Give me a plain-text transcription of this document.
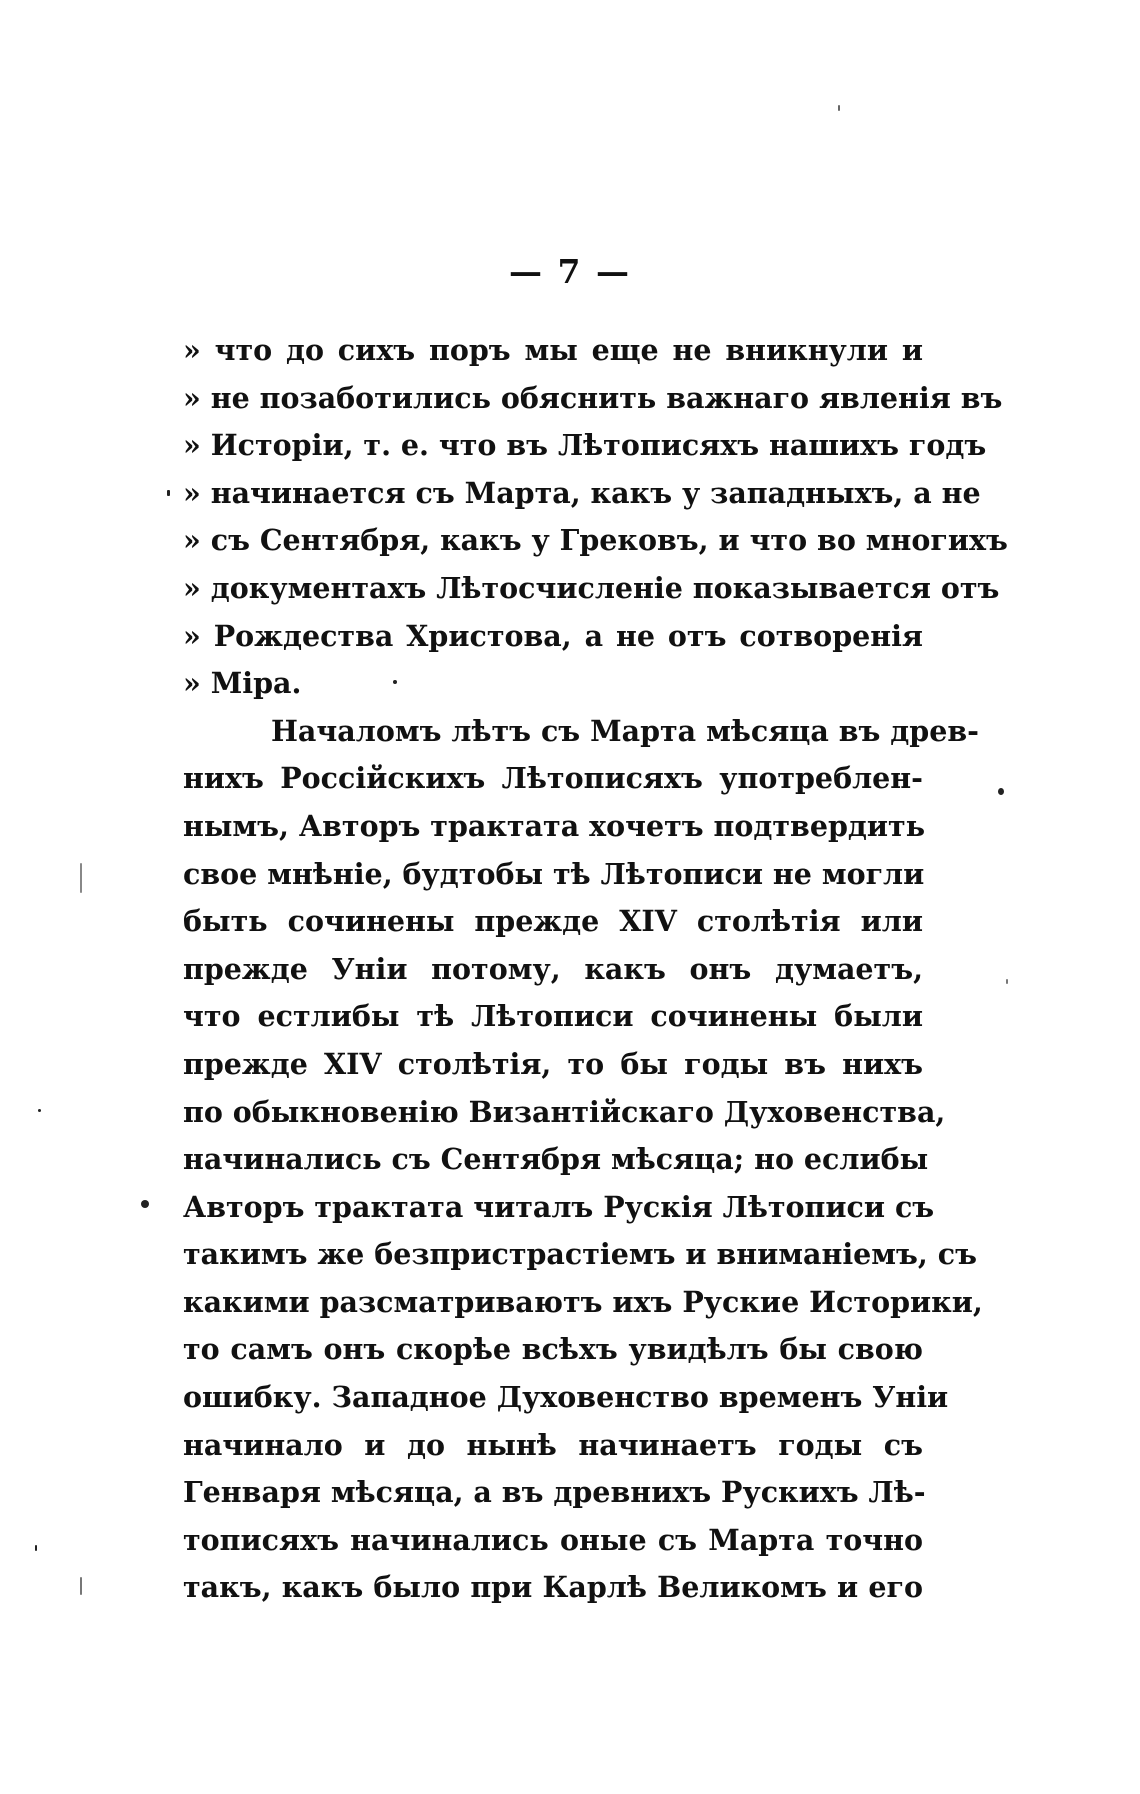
— 7 —
» что до сихъ поръ мы еще не вникнули и
» не позаботились обяснить важнаго явленія въ
» Исторіи, т. е. что въ Лѣтописяхъ нашихъ годъ
» начинается съ Марта, какъ у западныхъ, а не
» съ Сентября, какъ у Грековъ, и что во многихъ
» документахъ Лѣтосчисленіе показывается отъ
» Рождества Христова, а не отъ сотворенія
» Міра.
Началомъ лѣтъ съ Марта мѣсяца въ древ-
нихъ Россійскихъ Лѣтописяхъ употреблен-
нымъ, Авторъ трактата хочетъ подтвердить
свое мнѣніе, будтобы тѣ Лѣтописи не могли
быть сочинены прежде XIV столѣтія или
прежде Уніи потому, какъ онъ думаетъ,
что естлибы тѣ Лѣтописи сочинены были
прежде XIV столѣтія, то бы годы въ нихъ
по обыкновенію Византійскаго Духовенства,
начинались съ Сентября мѣсяца; но еслибы
Авторъ трактата читалъ Рускія Лѣтописи съ
такимъ же безпристрастіемъ и вниманіемъ, съ
какими разсматриваютъ ихъ Руские Историки,
то самъ онъ скорѣе всѣхъ увидѣлъ бы свою
ошибку. Западное Духовенство временъ Уніи
начинало и до нынѣ начинаетъ годы съ
Генваря мѣсяца, а въ древнихъ Рускихъ Лѣ-
тописяхъ начинались оные съ Марта точно
такъ, какъ было при Карлѣ Великомъ и его
